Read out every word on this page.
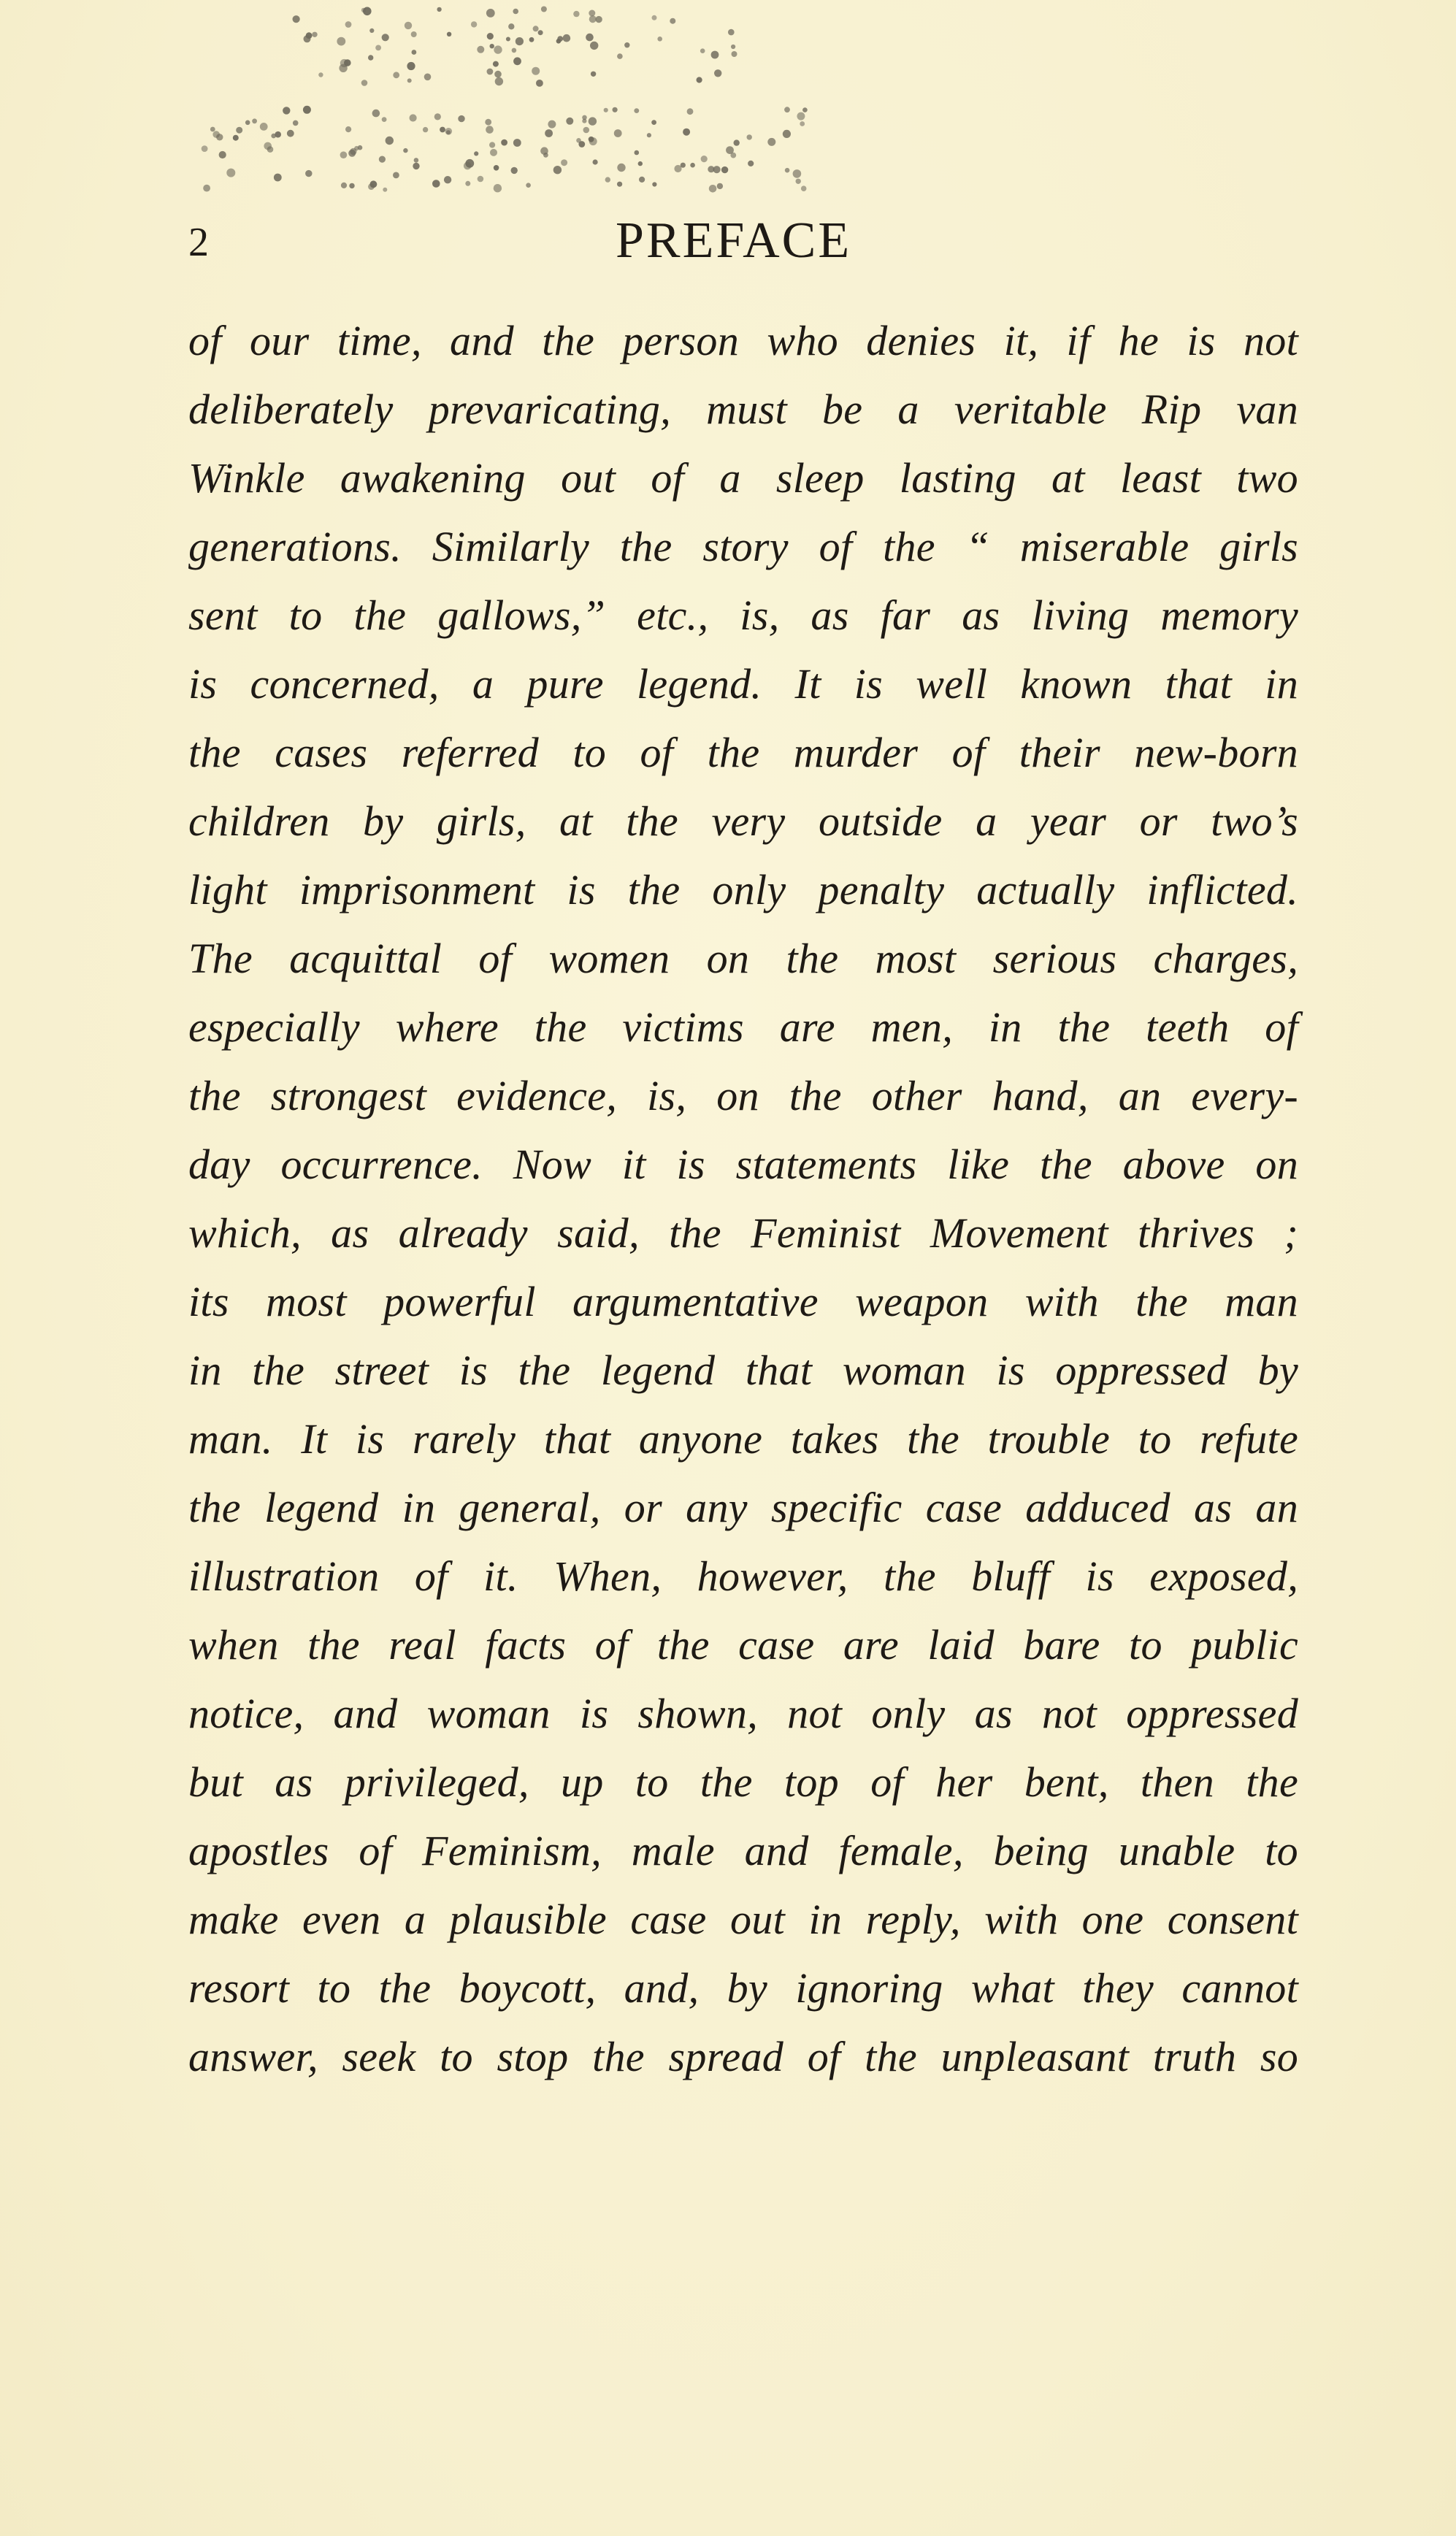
2	PREFACE
of our time, and the person who denies it, if he is not
deliberately prevaricating, must be a veritable Rip van
Winkle awakening out of a sleep lasting at least two
generations. Similarly the story of the “ miserable girls
sent to the gallows,” etc., is, as far as living memory
is concerned, a pure legend. It is well known that in
the cases referred to of the murder of their new-born
children by girls, at the very outside a year or two’s
light imprisonment is the only penalty actually inflicted.
The acquittal of women on the most serious charges,
especially where the victims are men, in the teeth of
the strongest evidence, is, on the other hand, an every-
day occurrence. Now it is statements like the above on
which, as already said, the Feminist Movement thrives ;
its most powerful argumentative weapon with the man
in the street is the legend that woman is oppressed by
man. It is rarely that anyone takes the trouble to refute
the legend in general, or any specific case adduced as an
illustration of it. When, however, the bluff is exposed,
when the real facts of the case are laid bare to public
notice, and woman is shown, not only as not oppressed
but as privileged, up to the top of her bent, then the
apostles of Feminism, male and female, being unable to
make even a plausible case out in reply, with one consent
resort to the boycott, and, by ignoring what they cannot
answer, seek to stop the spread of the unpleasant truth so
